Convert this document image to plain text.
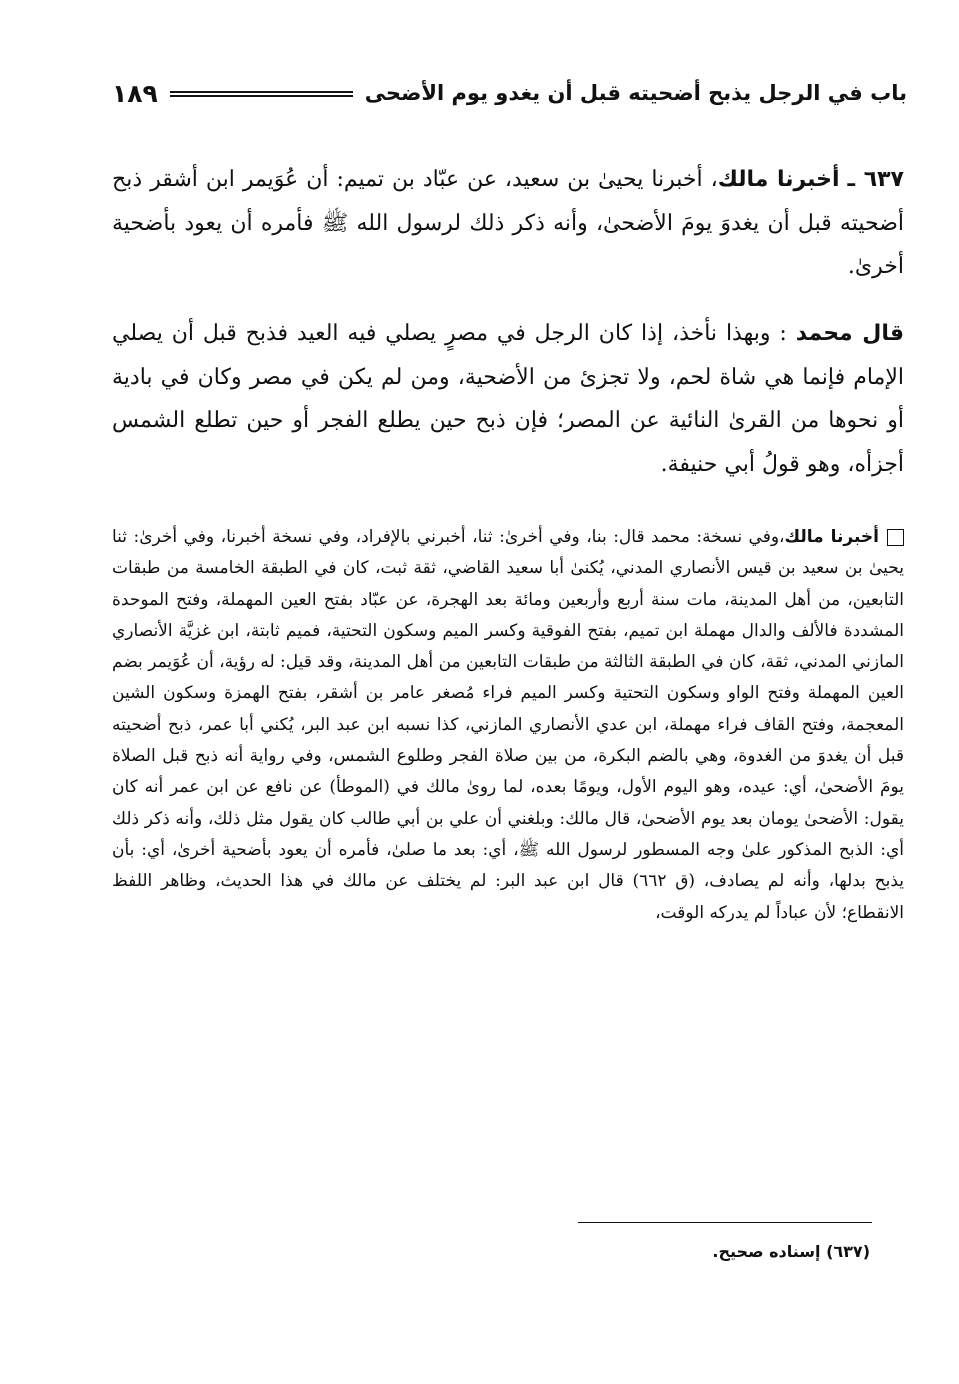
باب في الرجل يذبح أضحيته قبل أن يغدو يوم الأضحى
١٨٩

٦٣٧ ـ أخبرنا مالك، أخبرنا يحيىٰ بن سعيد، عن عبّاد بن تميم: أن عُوَيمر ابن أشقر ذبح أضحيته قبل أن يغدوَ يومَ الأضحىٰ، وأنه ذكر ذلك لرسول الله ﷺ فأمره أن يعود بأضحية أخرىٰ.

قال محمد : وبهذا نأخذ، إذا كان الرجل في مصرٍ يصلي فيه العيد فذبح قبل أن يصلي الإمام فإنما هي شاة لحم، ولا تجزئ من الأضحية، ومن لم يكن في مصر وكان في بادية أو نحوها من القرىٰ النائية عن المصر؛ فإن ذبح حين يطلع الفجر أو حين تطلع الشمس أجزأه، وهو قولُ أبي حنيفة.

أخبرنا مالك،وفي نسخة: محمد قال: بنا، وفي أخرىٰ: ثنا، أخبرني بالإفراد، وفي نسخة أخبرنا، وفي أخرىٰ: ثنا يحيىٰ بن سعيد بن قيس الأنصاري المدني، يُكنىٰ أبا سعيد القاضي، ثقة ثبت، كان في الطبقة الخامسة من طبقات التابعين، من أهل المدينة، مات سنة أربع وأربعين ومائة بعد الهجرة، عن عبّاد بفتح العين المهملة، وفتح الموحدة المشددة فالألف والدال مهملة ابن تميم، بفتح الفوقية وكسر الميم وسكون التحتية، فميم ثابتة، ابن غزيَّة الأنصاري المازني المدني، ثقة، كان في الطبقة الثالثة من طبقات التابعين من أهل المدينة، وقد قيل: له رؤية، أن عُوَيمر بضم العين المهملة وفتح الواو وسكون التحتية وكسر الميم فراء مُصغر عامر بن أشقر، بفتح الهمزة وسكون الشين المعجمة، وفتح القاف فراء مهملة، ابن عدي الأنصاري المازني، كذا نسبه ابن عبد البر، يُكني أبا عمر، ذبح أضحيته قبل أن يغدوَ من الغدوة، وهي بالضم البكرة، من بين صلاة الفجر وطلوع الشمس، وفي رواية أنه ذبح قبل الصلاة يومَ الأضحىٰ، أي: عيده، وهو اليوم الأول، ويومًا بعده، لما روىٰ مالك في (الموطأ) عن نافع عن ابن عمر أنه كان يقول: الأضحىٰ يومان بعد يوم الأضحىٰ، قال مالك: وبلغني أن علي بن أبي طالب كان يقول مثل ذلك، وأنه ذكر ذلك أي: الذبح المذكور علىٰ وجه المسطور لرسول الله ﷺ، أي: بعد ما صلىٰ، فأمره أن يعود بأضحية أخرىٰ، أي: بأن يذبح بدلها، وأنه لم يصادف، (ق ٦٦٢) قال ابن عبد البر: لم يختلف عن مالك في هذا الحديث، وظاهر اللفظ الانقطاع؛ لأن عباداً لم يدركه الوقت،

(٦٣٧) إسناده صحيح.
